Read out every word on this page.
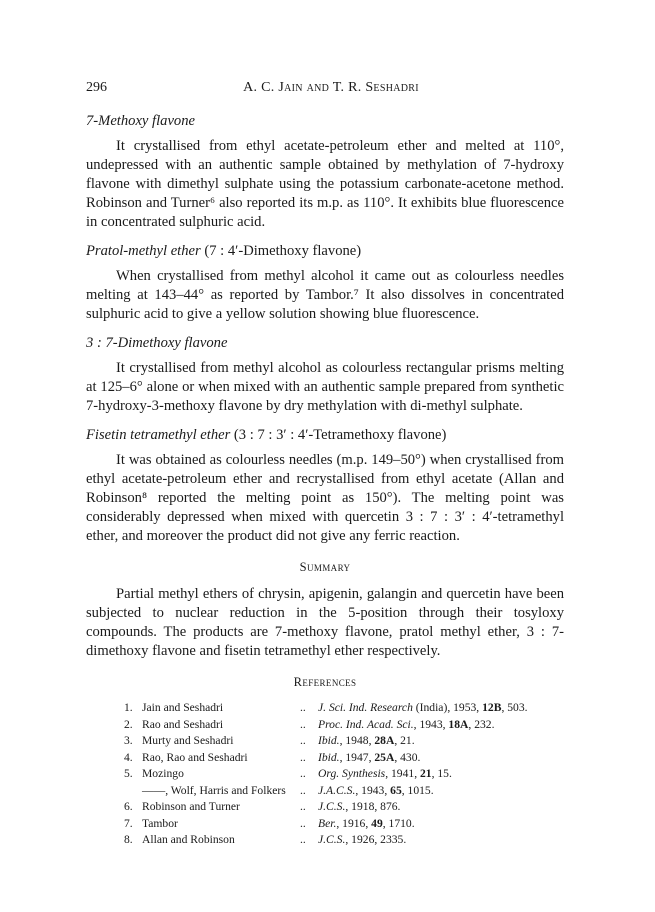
296	A. C. Jain and T. R. Seshadri

7-Methoxy flavone

It crystallised from ethyl acetate-petroleum ether and melted at 110°, undepressed with an authentic sample obtained by methylation of 7-hydroxy flavone with dimethyl sulphate using the potassium carbonate-acetone method. Robinson and Turner⁶ also reported its m.p. as 110°. It exhibits blue fluorescence in concentrated sulphuric acid.

Pratol-methyl ether (7 : 4′-Dimethoxy flavone)

When crystallised from methyl alcohol it came out as colourless needles melting at 143–44° as reported by Tambor.⁷ It also dissolves in concentrated sulphuric acid to give a yellow solution showing blue fluorescence.

3 : 7-Dimethoxy flavone

It crystallised from methyl alcohol as colourless rectangular prisms melting at 125–6° alone or when mixed with an authentic sample prepared from synthetic 7-hydroxy-3-methoxy flavone by dry methylation with di-methyl sulphate.

Fisetin tetramethyl ether (3 : 7 : 3′ : 4′-Tetramethoxy flavone)

It was obtained as colourless needles (m.p. 149–50°) when crystallised from ethyl acetate-petroleum ether and recrystallised from ethyl acetate (Allan and Robinson⁸ reported the melting point as 150°). The melting point was considerably depressed when mixed with quercetin 3 : 7 : 3′ : 4′-tetramethyl ether, and moreover the product did not give any ferric reaction.

Summary

Partial methyl ethers of chrysin, apigenin, galangin and quercetin have been subjected to nuclear reduction in the 5-position through their tosyloxy compounds. The products are 7-methoxy flavone, pratol methyl ether, 3 : 7-dimethoxy flavone and fisetin tetramethyl ether respectively.

References
1. Jain and Seshadri	..	J. Sci. Ind. Research (India), 1953, 12B, 503.
2. Rao and Seshadri	..	Proc. Ind. Acad. Sci., 1943, 18A, 232.
3. Murty and Seshadri	..	Ibid., 1948, 28A, 21.
4. Rao, Rao and Seshadri	..	Ibid., 1947, 25A, 430.
5. Mozingo	..	Org. Synthesis, 1941, 21, 15.
——, Wolf, Harris and Folkers	..	J.A.C.S., 1943, 65, 1015.
6. Robinson and Turner	..	J.C.S., 1918, 876.
7. Tambor	..	Ber., 1916, 49, 1710.
8. Allan and Robinson	..	J.C.S., 1926, 2335.
